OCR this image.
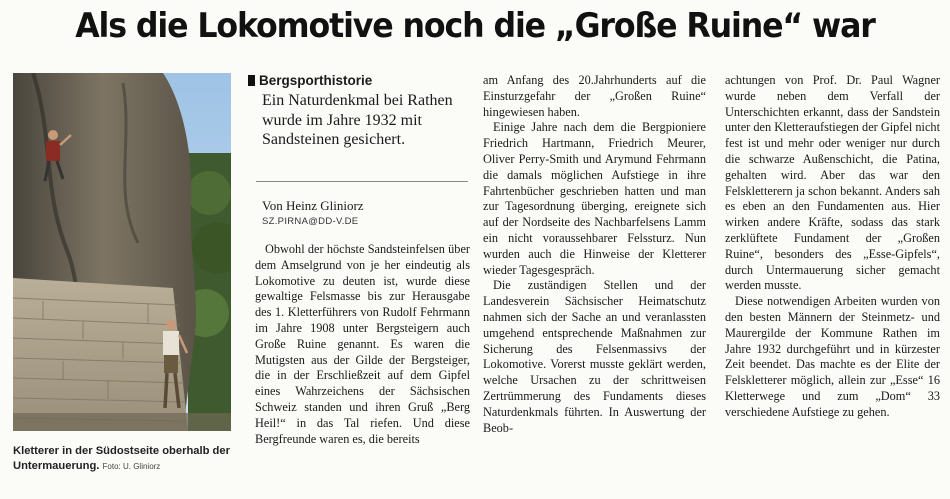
Als die Lokomotive noch die „Große Ruine“ war
Kletterer in der Südostseite oberhalb der Untermauerung. Foto: U. Gliniorz
Bergsporthistorie
Ein Naturdenkmal bei Rathen wurde im Jahre 1932 mit Sandsteinen gesichert.
Von Heinz Gliniorz
SZ.PIRNA@DD-V.DE

Obwohl der höchste Sandsteinfelsen über dem Amselgrund von je her eindeutig als Lokomotive zu deuten ist, wurde diese gewaltige Felsmasse bis zur Herausgabe des 1. Kletterführers von Rudolf Fehrmann im Jahre 1908 unter Bergsteigern auch Große Ruine genannt. Es waren die Mutigsten aus der Gilde der Bergsteiger, die in der Erschließzeit auf dem Gipfel eines Wahrzeichens der Sächsischen Schweiz standen und ihren Gruß „Berg Heil!“ in das Tal riefen. Und diese Bergfreunde waren es, die bereits

am Anfang des 20.Jahrhunderts auf die Einsturzgefahr der „Großen Ruine“ hingewiesen haben.

Einige Jahre nach dem die Bergpioniere Friedrich Hartmann, Friedrich Meurer, Oliver Perry-Smith und Arymund Fehrmann die damals möglichen Aufstiege in ihre Fahrtenbücher geschrieben hatten und man zur Tagesordnung überging, ereignete sich auf der Nordseite des Nachbarfelsens Lamm ein nicht voraussehbarer Felssturz. Nun wurden auch die Hinweise der Kletterer wieder Tagesgespräch.

Die zuständigen Stellen und der Landesverein Sächsischer Heimatschutz nahmen sich der Sache an und veranlassten umgehend entsprechende Maßnahmen zur Sicherung des Felsenmassivs der Lokomotive. Vorerst musste geklärt werden, welche Ursachen zu der schrittweisen Zertrümmerung des Fundaments dieses Naturdenkmals führten. In Auswertung der Beob-

achtungen von Prof. Dr. Paul Wagner wurde neben dem Verfall der Unterschichten erkannt, dass der Sandstein unter den Kletteraufstiegen der Gipfel nicht fest ist und mehr oder weniger nur durch die schwarze Außenschicht, die Patina, gehalten wird. Aber das war den Felskletterern ja schon bekannt. Anders sah es eben an den Fundamenten aus. Hier wirken andere Kräfte, sodass das stark zerklüftete Fundament der „Großen Ruine“, besonders des „Esse-Gipfels“, durch Untermauerung sicher gemacht werden musste.

Diese notwendigen Arbeiten wurden von den besten Männern der Steinmetz- und Maurergilde der Kommune Rathen im Jahre 1932 durchgeführt und in kürzester Zeit beendet. Das machte es der Elite der Felskletterer möglich, allein zur „Esse“ 16 Kletterwege und zum „Dom“ 33 verschiedene Aufstiege zu gehen.
